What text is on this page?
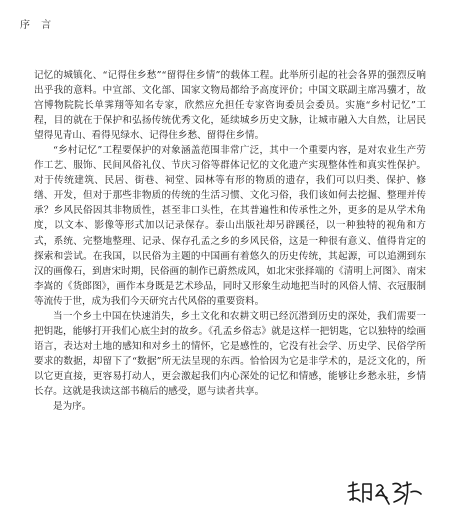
序 言

记忆的城镇化、“记得住乡愁”“留得住乡情”的载体工程。此举所引起的社会各界的强烈反响出乎我的意料。中宣部、文化部、国家文物局都给予高度评价；中国文联副主席冯骥才，故宫博物院院长单霁翔等知名专家，欣然应允担任专家咨询委员会委员。实施“乡村记忆”工程，目的就在于保护和弘扬传统优秀文化，延续城乡历史文脉，让城市融入大自然，让居民望得见青山、看得见绿水、记得住乡愁、留得住乡情。

“乡村记忆”工程要保护的对象涵盖范围非常广泛，其中一个重要内容，是对农业生产劳作工艺、服饰、民间风俗礼仪、节庆习俗等群体记忆的文化遗产实现整体性和真实性保护。对于传统建筑、民居、街巷、祠堂、园林等有形的物质的遗存，我们可以归类、保护、修缮、开发，但对于那些非物质的传统的生活习惯、文化习俗，我们该如何去挖掘、整理并传承？乡风民俗因其非物质性，甚至非口头性，在其普遍性和传承性之外，更多的是从学术角度，以文本、影像等形式加以记录保存。泰山出版社却另辟蹊径，以一种独特的视角和方式，系统、完整地整理、记录、保存孔孟之乡的乡风民俗，这是一种很有意义、值得肯定的探索和尝试。在我国，以民俗为主题的中国画有着悠久的历史传统，其起源，可以追溯到东汉的画像石，到唐宋时期，民俗画的制作已蔚然成风，如北宋张择端的《清明上河图》、南宋李嵩的《货郎图》，画作本身既是艺术珍品，同时又形象生动地把当时的风俗人情、衣冠服制等流传于世，成为我们今天研究古代风俗的重要资料。

当一个乡土中国在快速消失，乡土文化和农耕文明已经沉潜到历史的深处，我们需要一把钥匙，能够打开我们心底尘封的故乡。《孔孟乡俗志》就是这样一把钥匙，它以独特的绘画语言，表达对土地的感知和对乡土的情怀，它是感性的，它没有社会学、历史学、民俗学所要求的数据，却留下了“数据”所无法呈现的东西。恰恰因为它是非学术的，是泛文化的，所以它更直接，更容易打动人，更会激起我们内心深处的记忆和情感，能够让乡愁永驻，乡情长存。这就是我读这部书稿后的感受，愿与读者共享。

是为序。
